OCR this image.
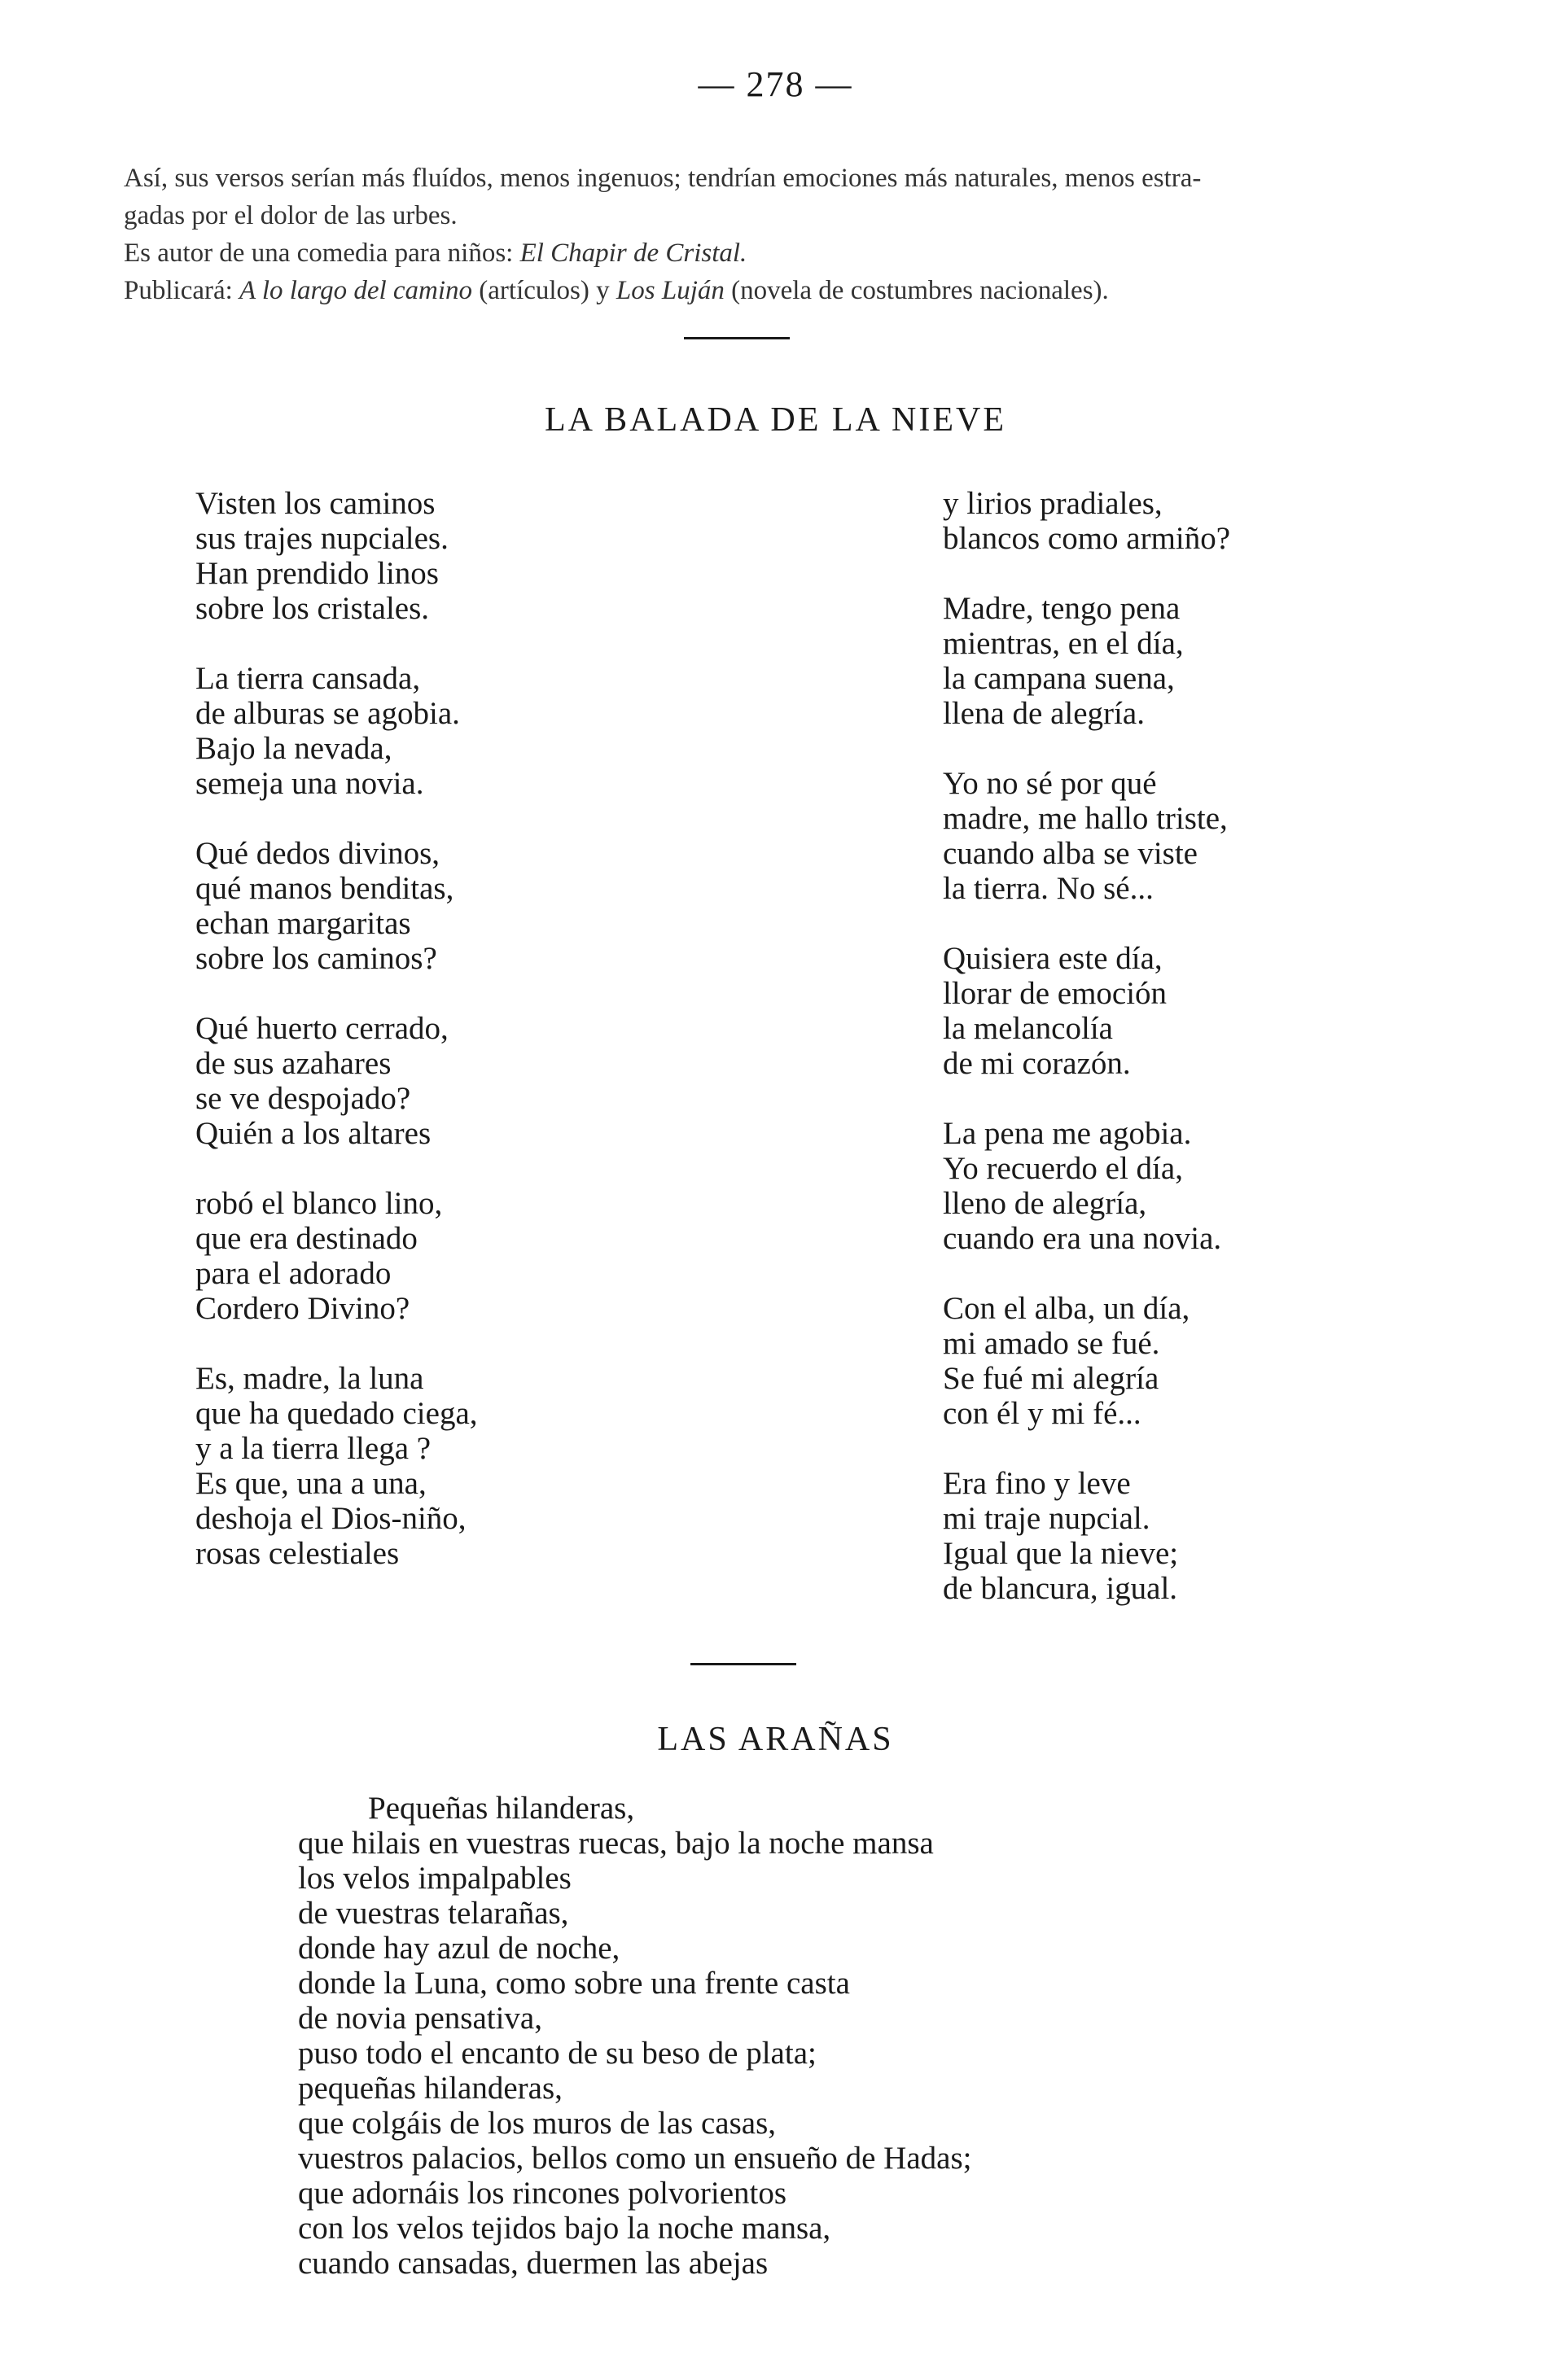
— 278 —

Así, sus versos serían más fluídos, menos ingenuos; tendrían emociones más naturales, menos estra-

gadas por el dolor de las urbes.

Es autor de una comedia para niños: El Chapir de Cristal.

Publicará: A lo largo del camino (artículos) y Los Luján (novela de costumbres nacionales).

LA BALADA DE LA NIEVE
Visten los caminos
sus trajes nupciales.
Han prendido linos
sobre los cristales.
La tierra cansada,
de alburas se agobia.
Bajo la nevada,
semeja una novia.
Qué dedos divinos,
qué manos benditas,
echan margaritas
sobre los caminos?
Qué huerto cerrado,
de sus azahares
se ve despojado?
Quién a los altares
robó el blanco lino,
que era destinado
para el adorado
Cordero Divino?
Es, madre, la luna
que ha quedado ciega,
y a la tierra llega ?
Es que, una a una,
deshoja el Dios-niño,
rosas celestiales
y lirios pradiales,
blancos como armiño?
Madre, tengo pena
mientras, en el día,
la campana suena,
llena de alegría.
Yo no sé por qué
madre, me hallo triste,
cuando alba se viste
la tierra. No sé...
Quisiera este día,
llorar de emoción
la melancolía
de mi corazón.
La pena me agobia.
Yo recuerdo el día,
lleno de alegría,
cuando era una novia.
Con el alba, un día,
mi amado se fué.
Se fué mi alegría
con él y mi fé...
Era fino y leve
mi traje nupcial.
Igual que la nieve;
de blancura, igual.
LAS ARAÑAS
Pequeñas hilanderas,
que hilais en vuestras ruecas, bajo la noche mansa
los velos impalpables
de vuestras telarañas,
donde hay azul de noche,
donde la Luna, como sobre una frente casta
de novia pensativa,
puso todo el encanto de su beso de plata;
pequeñas hilanderas,
que colgáis de los muros de las casas,
vuestros palacios, bellos como un ensueño de Hadas;
que adornáis los rincones polvorientos
con los velos tejidos bajo la noche mansa,
cuando cansadas, duermen las abejas
